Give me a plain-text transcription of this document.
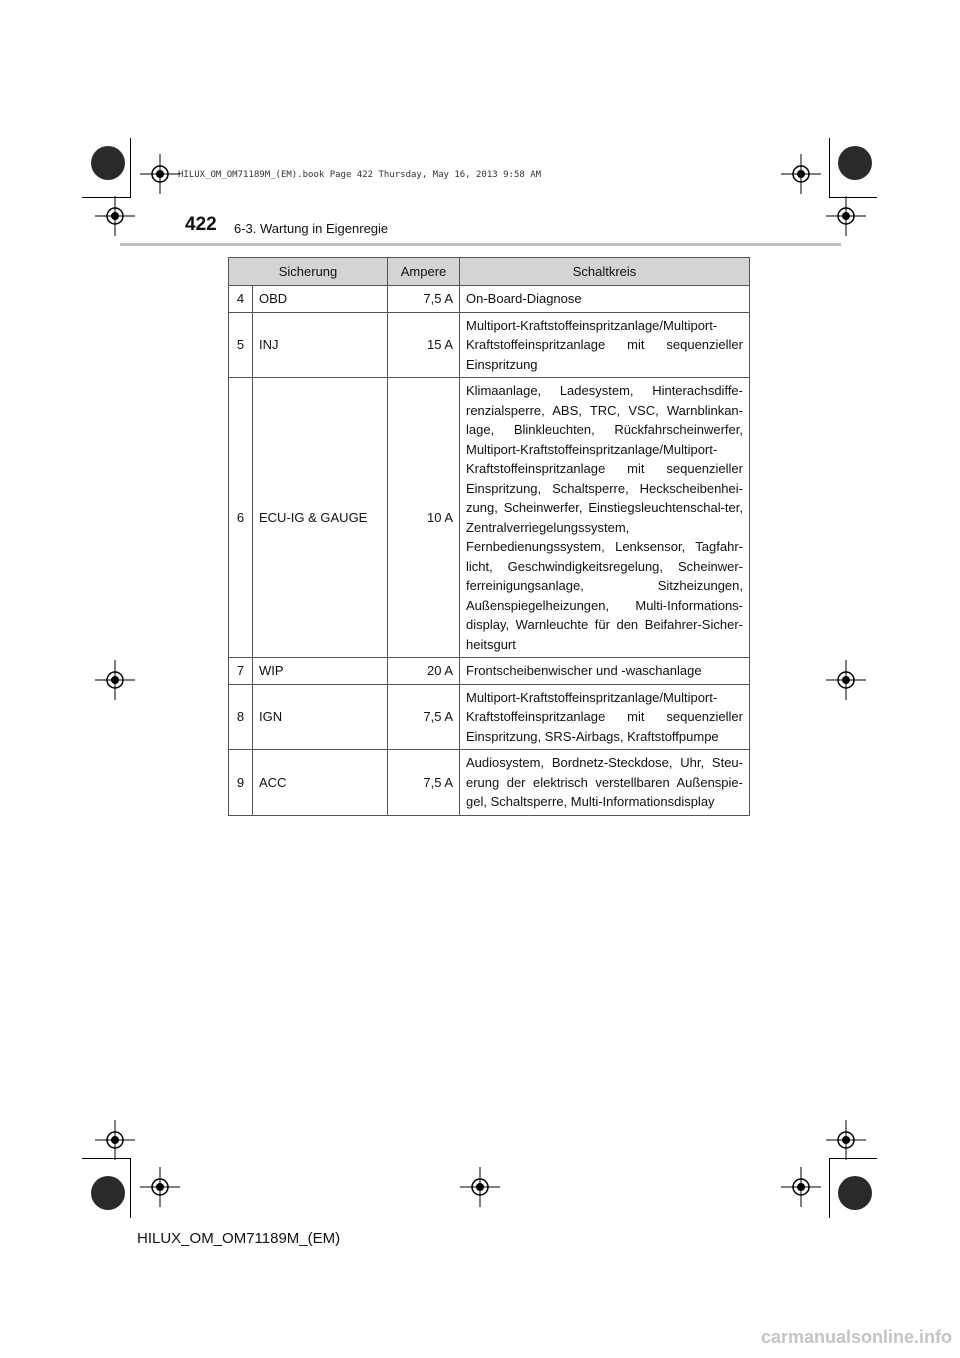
422 6-3. Wartung in Eigenregie
HILUX_OM_OM71189M_(EM).book Page 422 Thursday, May 16, 2013 9:58 AM
Sicherung		Ampere	Schaltkreis
4	OBD	7,5 A	On-Board-Diagnose
5	INJ	15 A	Multiport-Kraftstoffeinspritzanlage/Multiport-Kraftstoffeinspritzanlage mit sequenzieller Einspritzung
6	ECU-IG & GAUGE	10 A	Klimaanlage, Ladesystem, Hinterachsdiffe-renzialsperre, ABS, TRC, VSC, Warnblinkan-lage, Blinkleuchten, Rückfahrscheinwerfer, Multiport-Kraftstoffeinspritzanlage/Multiport-Kraftstoffeinspritzanlage mit sequenzieller Einspritzung, Schaltsperre, Heckscheibenhei-zung, Scheinwerfer, Einstiegsleuchtenschal-ter, Zentralverriegelungssystem, Fernbedienungssystem, Lenksensor, Tagfahr-licht, Geschwindigkeitsregelung, Scheinwer-ferreinigungsanlage, Sitzheizungen, Außenspiegelheizungen, Multi-Informations-display, Warnleuchte für den Beifahrer-Sicher-heitsgurt
7	WIP	20 A	Frontscheibenwischer und -waschanlage
8	IGN	7,5 A	Multiport-Kraftstoffeinspritzanlage/Multiport-Kraftstoffeinspritzanlage mit sequenzieller Einspritzung, SRS-Airbags, Kraftstoffpumpe
9	ACC	7,5 A	Audiosystem, Bordnetz-Steckdose, Uhr, Steu-erung der elektrisch verstellbaren Außenspie-gel, Schaltsperre, Multi-Informationsdisplay
HILUX_OM_OM71189M_(EM)
carmanualsonline.info
